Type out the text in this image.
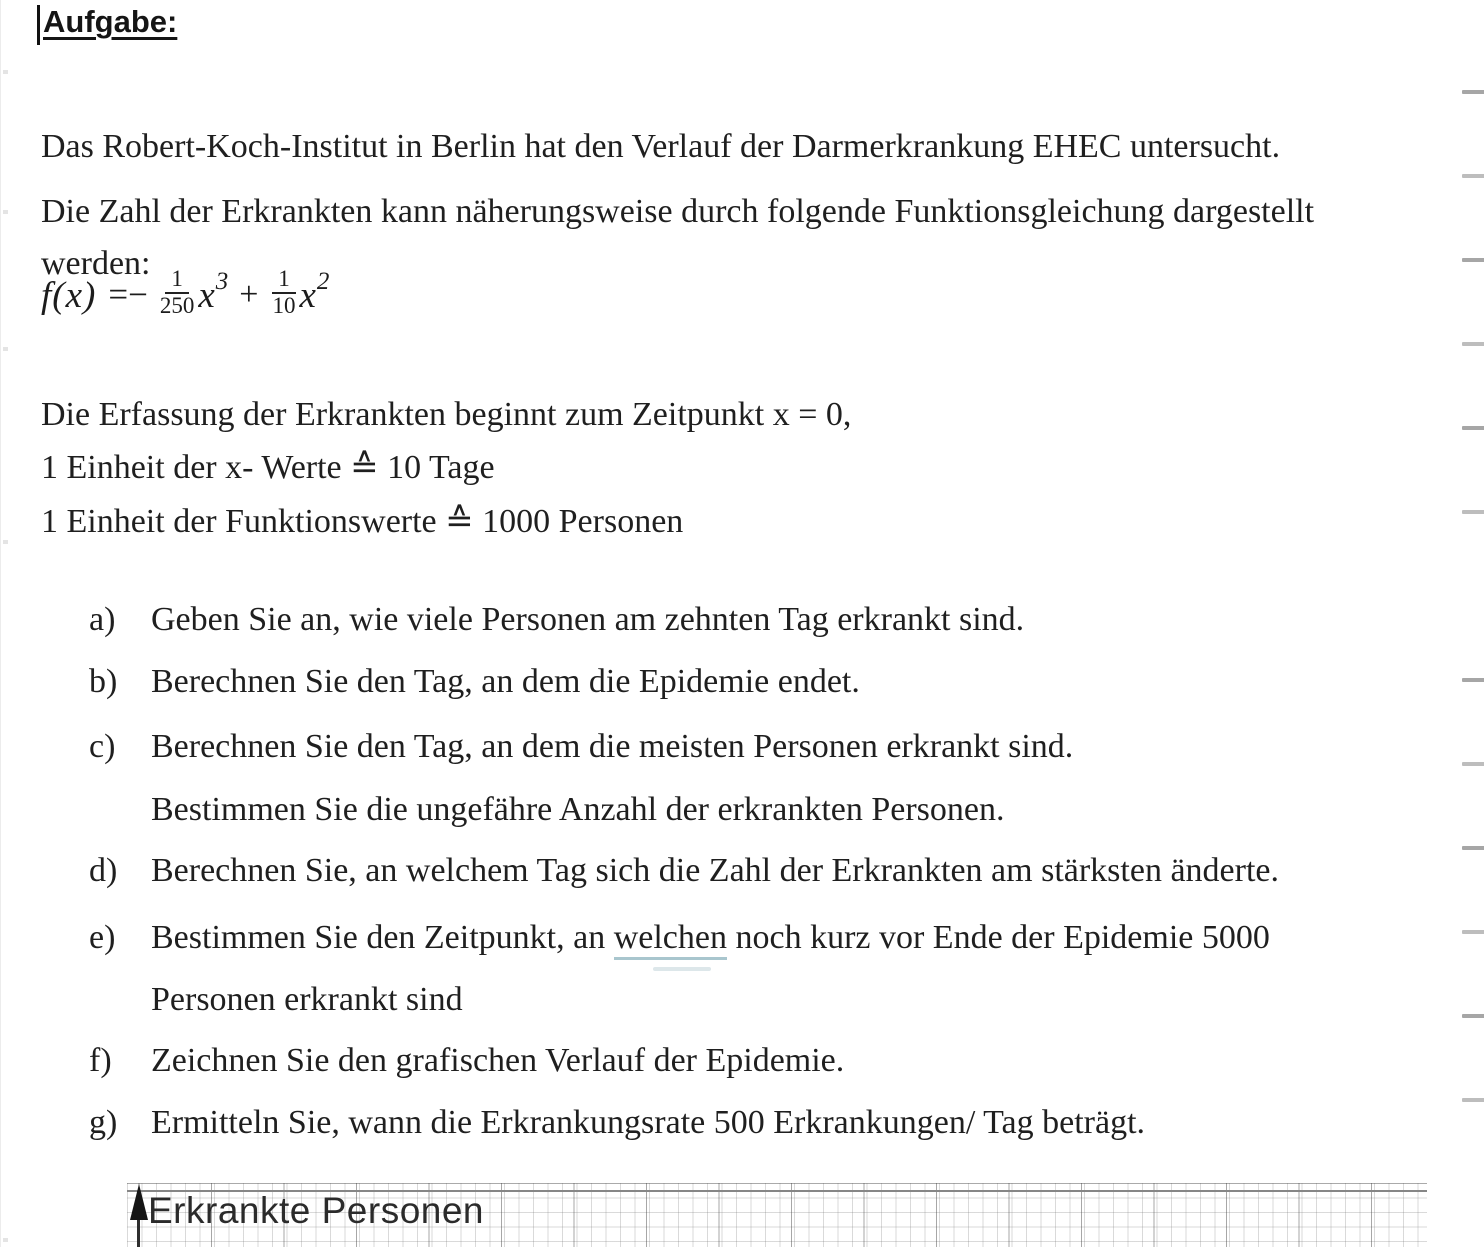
Aufgabe:

Das Robert-Koch-Institut in Berlin hat den Verlauf der Darmerkrankung EHEC untersucht.

Die Zahl der Erkrankten kann näherungsweise durch folgende Funktionsgleichung dargestellt

werden:

$f(x) =- \frac{1}{250} x^3 + \frac{1}{10} x^2$

Die Erfassung der Erkrankten beginnt zum Zeitpunkt x = 0,

1 Einheit der x- Werte ≙ 10 Tage

1 Einheit der Funktionswerte ≙ 1000 Personen

a) Geben Sie an, wie viele Personen am zehnten Tag erkrankt sind.
b) Berechnen Sie den Tag, an dem die Epidemie endet.
c) Berechnen Sie den Tag, an dem die meisten Personen erkrankt sind.
Bestimmen Sie die ungefähre Anzahl der erkrankten Personen.
d) Berechnen Sie, an welchem Tag sich die Zahl der Erkrankten am stärksten änderte.
e) Bestimmen Sie den Zeitpunkt, an welchen noch kurz vor Ende der Epidemie 5000
Personen erkrankt sind
f) Zeichnen Sie den grafischen Verlauf der Epidemie.
g) Ermitteln Sie, wann die Erkrankungsrate 500 Erkrankungen/ Tag beträgt.
Erkrankte Personen
